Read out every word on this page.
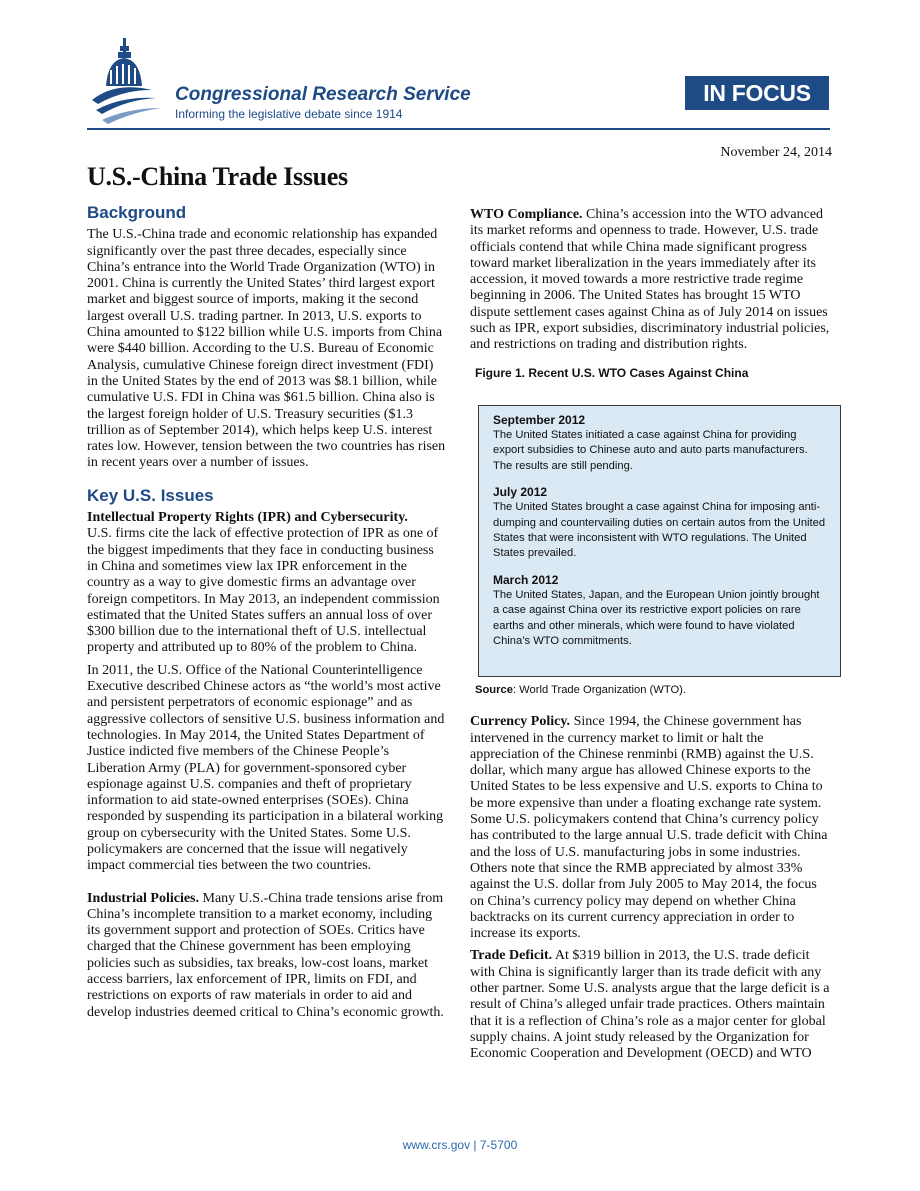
Congressional Research Service
Informing the legislative debate since 1914
IN FOCUS
November 24, 2014
U.S.-China Trade Issues
Background

The U.S.-China trade and economic relationship has expanded significantly over the past three decades, especially since China’s entrance into the World Trade Organization (WTO) in 2001. China is currently the United States’ third largest export market and biggest source of imports, making it the second largest overall U.S. trading partner. In 2013, U.S. exports to China amounted to $122 billion while U.S. imports from China were $440 billion. According to the U.S. Bureau of Economic Analysis, cumulative Chinese foreign direct investment (FDI) in the United States by the end of 2013 was $8.1 billion, while cumulative U.S. FDI in China was $61.5 billion. China also is the largest foreign holder of U.S. Treasury securities ($1.3 trillion as of September 2014), which helps keep U.S. interest rates low. However, tension between the two countries has risen in recent years over a number of issues.

Key U.S. Issues

Intellectual Property Rights (IPR) and Cybersecurity.
U.S. firms cite the lack of effective protection of IPR as one of the biggest impediments that they face in conducting business in China and sometimes view lax IPR enforcement in the country as a way to give domestic firms an advantage over foreign competitors. In May 2013, an independent commission estimated that the United States suffers an annual loss of over $300 billion due to the international theft of U.S. intellectual property and attributed up to 80% of the problem to China.

In 2011, the U.S. Office of the National Counterintelligence Executive described Chinese actors as “the world’s most active and persistent perpetrators of economic espionage” and as aggressive collectors of sensitive U.S. business information and technologies. In May 2014, the United States Department of Justice indicted five members of the Chinese People’s Liberation Army (PLA) for government-sponsored cyber espionage against U.S. companies and theft of proprietary information to aid state-owned enterprises (SOEs). China responded by suspending its participation in a bilateral working group on cybersecurity with the United States. Some U.S. policymakers are concerned that the issue will negatively impact commercial ties between the two countries.

Industrial Policies. Many U.S.-China trade tensions arise from China’s incomplete transition to a market economy, including its government support and protection of SOEs. Critics have charged that the Chinese government has been employing policies such as subsidies, tax breaks, low-cost loans, market access barriers, lax enforcement of IPR, limits on FDI, and restrictions on exports of raw materials in order to aid and develop industries deemed critical to China’s economic growth.

WTO Compliance. China’s accession into the WTO advanced its market reforms and openness to trade. However, U.S. trade officials contend that while China made significant progress toward market liberalization in the years immediately after its accession, it moved towards a more restrictive trade regime beginning in 2006. The United States has brought 15 WTO dispute settlement cases against China as of July 2014 on issues such as IPR, export subsidies, discriminatory industrial policies, and restrictions on trading and distribution rights.

Figure 1. Recent U.S. WTO Cases Against China
September 2012
The United States initiated a case against China for providing export subsidies to Chinese auto and auto parts manufacturers. The results are still pending.
July 2012
The United States brought a case against China for imposing anti-dumping and countervailing duties on certain autos from the United States that were inconsistent with WTO regulations. The United States prevailed.
March 2012
The United States, Japan, and the European Union jointly brought a case against China over its restrictive export policies on rare earths and other minerals, which were found to have violated China’s WTO commitments.
Source: World Trade Organization (WTO).

Currency Policy. Since 1994, the Chinese government has intervened in the currency market to limit or halt the appreciation of the Chinese renminbi (RMB) against the U.S. dollar, which many argue has allowed Chinese exports to the United States to be less expensive and U.S. exports to China to be more expensive than under a floating exchange rate system. Some U.S. policymakers contend that China’s currency policy has contributed to the large annual U.S. trade deficit with China and the loss of U.S. manufacturing jobs in some industries. Others note that since the RMB appreciated by almost 33% against the U.S. dollar from July 2005 to May 2014, the focus on China’s currency policy may depend on whether China backtracks on its current currency appreciation in order to increase its exports.

Trade Deficit. At $319 billion in 2013, the U.S. trade deficit with China is significantly larger than its trade deficit with any other partner. Some U.S. analysts argue that the large deficit is a result of China’s alleged unfair trade practices. Others maintain that it is a reflection of China’s role as a major center for global supply chains. A joint study released by the Organization for Economic Cooperation and Development (OECD) and WTO

www.crs.gov | 7-5700
